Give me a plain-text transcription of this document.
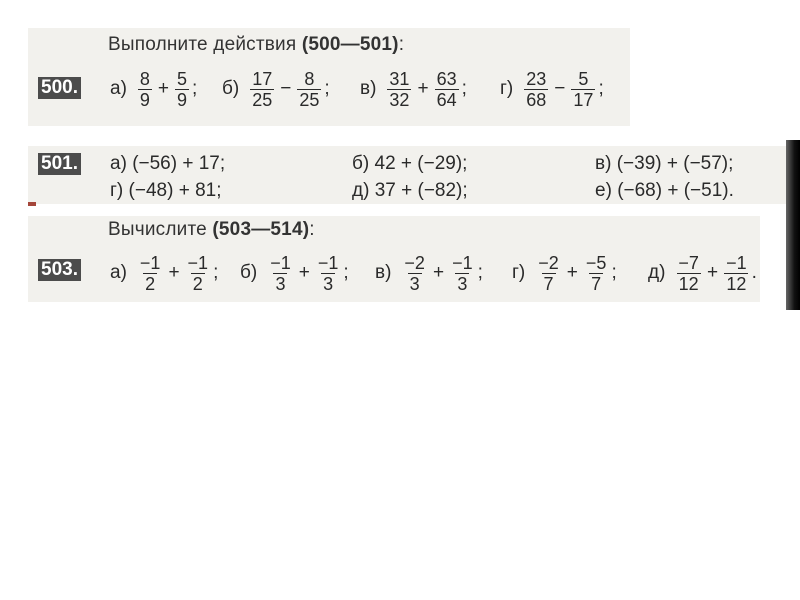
Выполните действия (500—501):
500. $а) \frac{8}{9} + \frac{5}{9}$ ; $б) \frac{17}{25} - \frac{8}{25}$ ; $в) \frac{31}{32} + \frac{63}{64}$ ; $г) \frac{23}{68} - \frac{5}{17}$ ;
501. а) (−56) + 17;	б) 42 + (−29);	в) (−39) + (−57);
г) (−48) + 81;	д) 37 + (−82);	е) (−68) + (−51).
Вычислите (503—514):
503. $а) \frac{-1}{2} + \frac{-1}{2}$ ; $б) \frac{-1}{3} + \frac{-1}{3}$ ; $в) \frac{-2}{3} + \frac{-1}{3}$ ; $г) \frac{-2}{7} + \frac{-5}{7}$ ; $д) \frac{-7}{12} + \frac{-1}{12}$ .
